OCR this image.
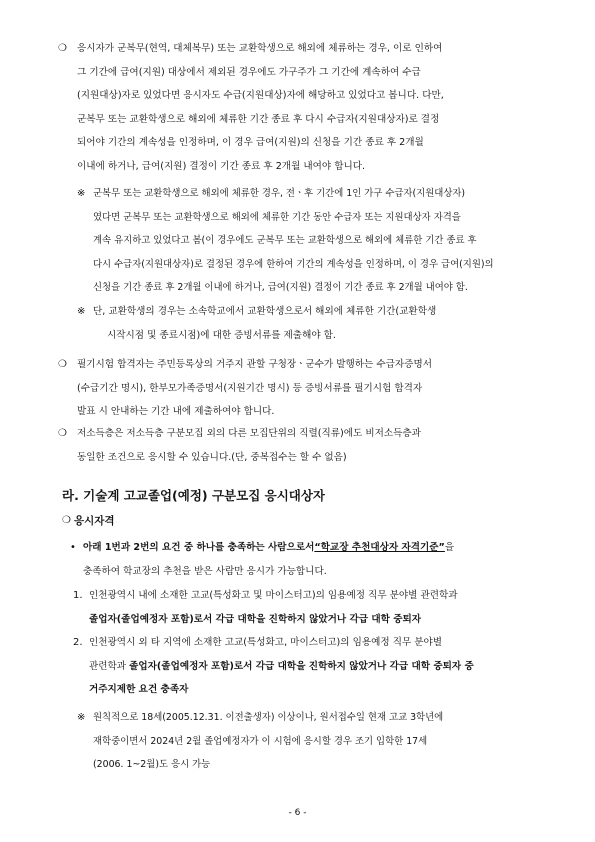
❍ 응시자가 군복무(현역, 대체복무) 또는 교환학생으로 해외에 체류하는 경우, 이로 인하여
그 기간에 급여(지원) 대상에서 제외된 경우에도 가구주가 그 기간에 계속하여 수급
(지원대상)자로 있었다면 응시자도 수급(지원대상)자에 해당하고 있었다고 봅니다. 다만,
군복무 또는 교환학생으로 해외에 체류한 기간 종료 후 다시 수급자(지원대상자)로 결정
되어야 기간의 계속성을 인정하며, 이 경우 급여(지원)의 신청을 기간 종료 후 2개월
이내에 하거나, 급여(지원) 결정이 기간 종료 후 2개월 내여야 합니다.
※ 군복무 또는 교환학생으로 해외에 체류한 경우, 전ㆍ후 기간에 1인 가구 수급자(지원대상자)
였다면 군복무 또는 교환학생으로 해외에 체류한 기간 동안 수급자 또는 지원대상자 자격을
계속 유지하고 있었다고 봄(이 경우에도 군복무 또는 교환학생으로 해외에 체류한 기간 종료 후
다시 수급자(지원대상자)로 결정된 경우에 한하여 기간의 계속성을 인정하며, 이 경우 급여(지원)의
신청을 기간 종료 후 2개월 이내에 하거나, 급여(지원) 결정이 기간 종료 후 2개월 내여야 함.
※ 단, 교환학생의 경우는 소속학교에서 교환학생으로서 해외에 체류한 기간(교환학생
시작시점 및 종료시점)에 대한 증빙서류를 제출해야 함.
❍ 필기시험 합격자는 주민등록상의 거주지 관할 구청장ㆍ군수가 발행하는 수급자증명서
(수급기간 명시), 한부모가족증명서(지원기간 명시) 등 증빙서류를 필기시험 합격자
발표 시 안내하는 기간 내에 제출하여야 합니다.
❍ 저소득층은 저소득층 구분모집 외의 다른 모집단위의 직렬(직류)에도 비저소득층과
동일한 조건으로 응시할 수 있습니다.(단, 중복접수는 할 수 없음)
라. 기술계 고교졸업(예정) 구분모집 응시대상자
❍ 응시자격
• 아래 1번과 2번의 요건 중 하나를 충족하는 사람으로서“학교장 추천대상자 자격기준”을
충족하여 학교장의 추천을 받은 사람만 응시가 가능합니다.
1. 인천광역시 내에 소재한 고교(특성화고 및 마이스터고)의 임용예정 직무 분야별 관련학과
졸업자(졸업예정자 포함)로서 각급 대학을 진학하지 않았거나 각급 대학 중퇴자
2. 인천광역시 외 타 지역에 소재한 고교(특성화고, 마이스터고)의 임용예정 직무 분야별
관련학과 졸업자(졸업예정자 포함)로서 각급 대학을 진학하지 않았거나 각급 대학 중퇴자 중
거주지제한 요건 충족자
※ 원칙적으로 18세(2005.12.31. 이전출생자) 이상이나, 원서접수일 현재 고교 3학년에
재학중이면서 2024년 2월 졸업예정자가 이 시험에 응시할 경우 조기 입학한 17세
(2006. 1~2월)도 응시 가능
- 6 -
